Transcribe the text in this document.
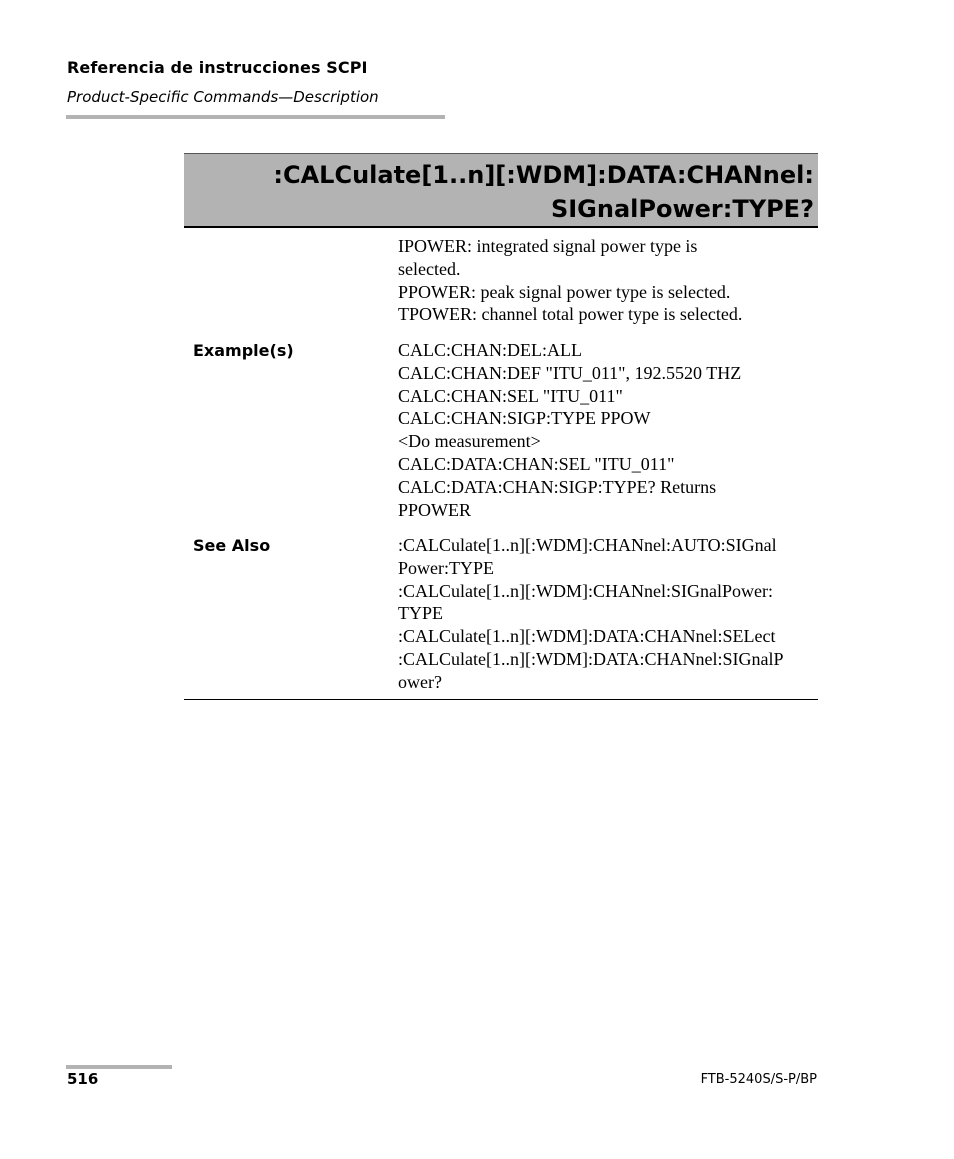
Referencia de instrucciones SCPI
Product-Specific Commands—Description
:CALCulate[1..n][:WDM]:DATA:CHANnel:
SIGnalPower:TYPE?
IPOWER: integrated signal power type is
selected.
PPOWER: peak signal power type is selected.
TPOWER: channel total power type is selected.
Example(s)	CALC:CHAN:DEL:ALL
CALC:CHAN:DEF "ITU_011", 192.5520 THZ
CALC:CHAN:SEL "ITU_011"
CALC:CHAN:SIGP:TYPE PPOW
<Do measurement>
CALC:DATA:CHAN:SEL "ITU_011"
CALC:DATA:CHAN:SIGP:TYPE? Returns
PPOWER
See Also	:CALCulate[1..n][:WDM]:CHANnel:AUTO:SIGnal
Power:TYPE
:CALCulate[1..n][:WDM]:CHANnel:SIGnalPower:
TYPE
:CALCulate[1..n][:WDM]:DATA:CHANnel:SELect
:CALCulate[1..n][:WDM]:DATA:CHANnel:SIGnalP
ower?
516	FTB-5240S/S-P/BP
